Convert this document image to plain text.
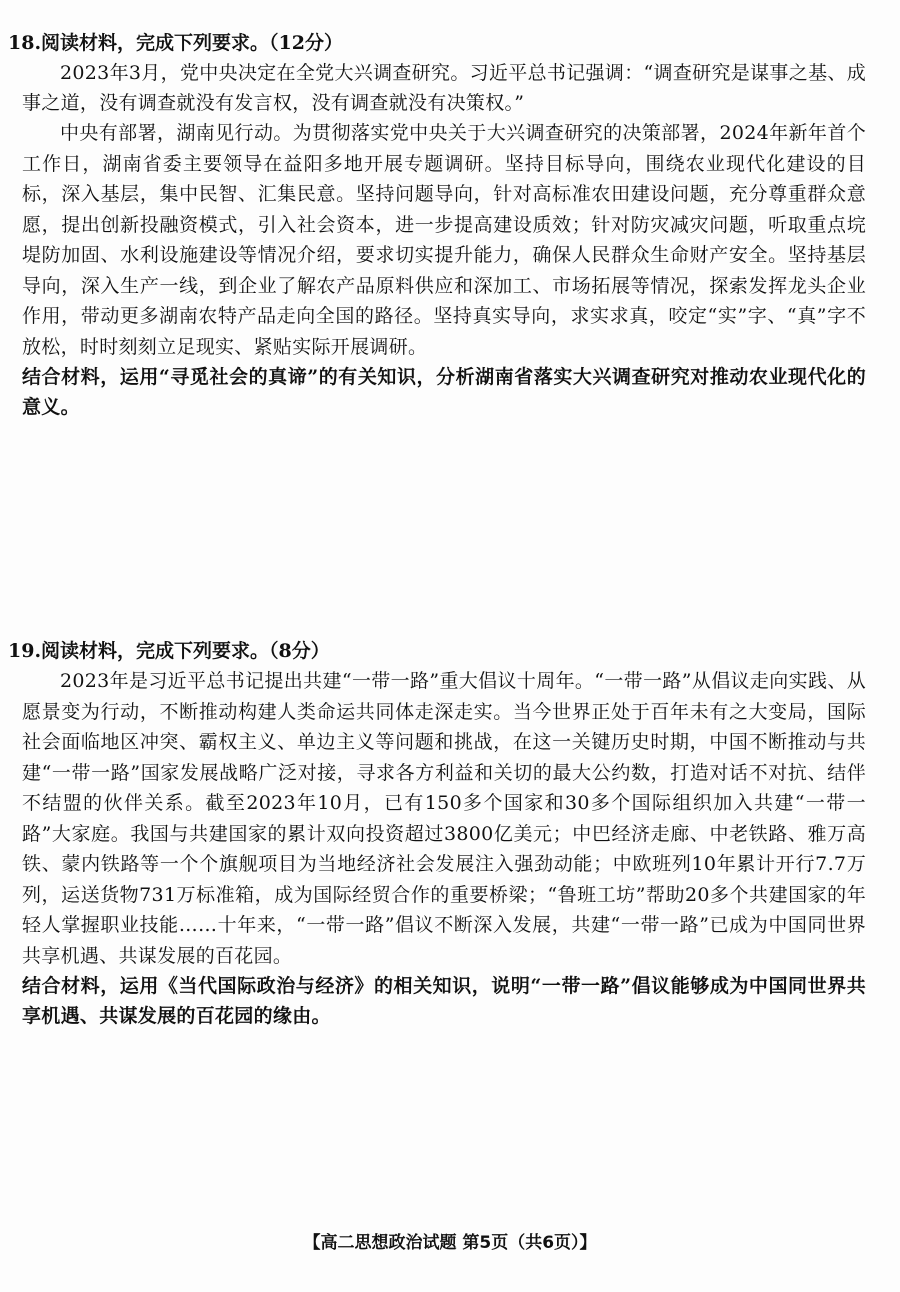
18.阅读材料，完成下列要求。（12分）

2023年3月，党中央决定在全党大兴调查研究。习近平总书记强调：“调查研究是谋事之基、成事之道，没有调查就没有发言权，没有调查就没有决策权。”

中央有部署，湖南见行动。为贯彻落实党中央关于大兴调查研究的决策部署，2024年新年首个工作日，湖南省委主要领导在益阳多地开展专题调研。坚持目标导向，围绕农业现代化建设的目标，深入基层，集中民智、汇集民意。坚持问题导向，针对高标准农田建设问题，充分尊重群众意愿，提出创新投融资模式，引入社会资本，进一步提高建设质效；针对防灾减灾问题，听取重点垸堤防加固、水利设施建设等情况介绍，要求切实提升能力，确保人民群众生命财产安全。坚持基层导向，深入生产一线，到企业了解农产品原料供应和深加工、市场拓展等情况，探索发挥龙头企业作用，带动更多湖南农特产品走向全国的路径。坚持真实导向，求实求真，咬定“实”字、“真”字不放松，时时刻刻立足现实、紧贴实际开展调研。

结合材料，运用“寻觅社会的真谛”的有关知识，分析湖南省落实大兴调查研究对推动农业现代化的意义。

19.阅读材料，完成下列要求。（8分）

2023年是习近平总书记提出共建“一带一路”重大倡议十周年。“一带一路”从倡议走向实践、从愿景变为行动，不断推动构建人类命运共同体走深走实。当今世界正处于百年未有之大变局，国际社会面临地区冲突、霸权主义、单边主义等问题和挑战，在这一关键历史时期，中国不断推动与共建“一带一路”国家发展战略广泛对接，寻求各方利益和关切的最大公约数，打造对话不对抗、结伴不结盟的伙伴关系。截至2023年10月，已有150多个国家和30多个国际组织加入共建“一带一路”大家庭。我国与共建国家的累计双向投资超过3800亿美元；中巴经济走廊、中老铁路、雅万高铁、蒙内铁路等一个个旗舰项目为当地经济社会发展注入强劲动能；中欧班列10年累计开行7.7万列，运送货物731万标准箱，成为国际经贸合作的重要桥梁；“鲁班工坊”帮助20多个共建国家的年轻人掌握职业技能……十年来，“一带一路”倡议不断深入发展，共建“一带一路”已成为中国同世界共享机遇、共谋发展的百花园。

结合材料，运用《当代国际政治与经济》的相关知识，说明“一带一路”倡议能够成为中国同世界共享机遇、共谋发展的百花园的缘由。

【高二思想政治试题 第5页（共6页）】
